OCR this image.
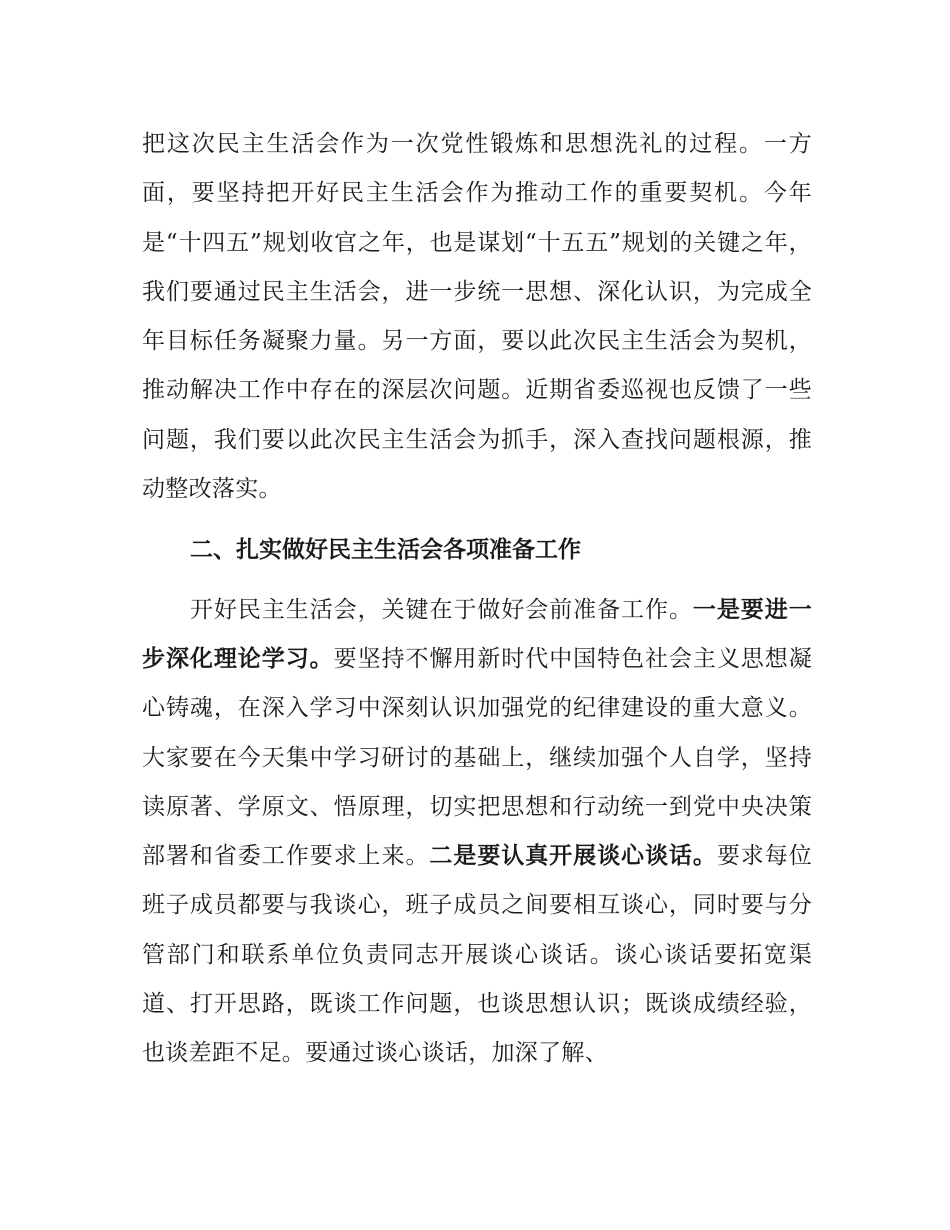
把这次民主生活会作为一次党性锻炼和思想洗礼的过程。一方面，要坚持把开好民主生活会作为推动工作的重要契机。今年是“十四五”规划收官之年，也是谋划“十五五”规划的关键之年，我们要通过民主生活会，进一步统一思想、深化认识，为完成全年目标任务凝聚力量。另一方面，要以此次民主生活会为契机，推动解决工作中存在的深层次问题。近期省委巡视也反馈了一些问题，我们要以此次民主生活会为抓手，深入查找问题根源，推动整改落实。

二、扎实做好民主生活会各项准备工作

开好民主生活会，关键在于做好会前准备工作。一是要进一步深化理论学习。要坚持不懈用新时代中国特色社会主义思想凝心铸魂，在深入学习中深刻认识加强党的纪律建设的重大意义。大家要在今天集中学习研讨的基础上，继续加强个人自学，坚持读原著、学原文、悟原理，切实把思想和行动统一到党中央决策部署和省委工作要求上来。二是要认真开展谈心谈话。要求每位班子成员都要与我谈心，班子成员之间要相互谈心，同时要与分管部门和联系单位负责同志开展谈心谈话。谈心谈话要拓宽渠道、打开思路，既谈工作问题，也谈思想认识；既谈成绩经验，也谈差距不足。要通过谈心谈话，加深了解、
